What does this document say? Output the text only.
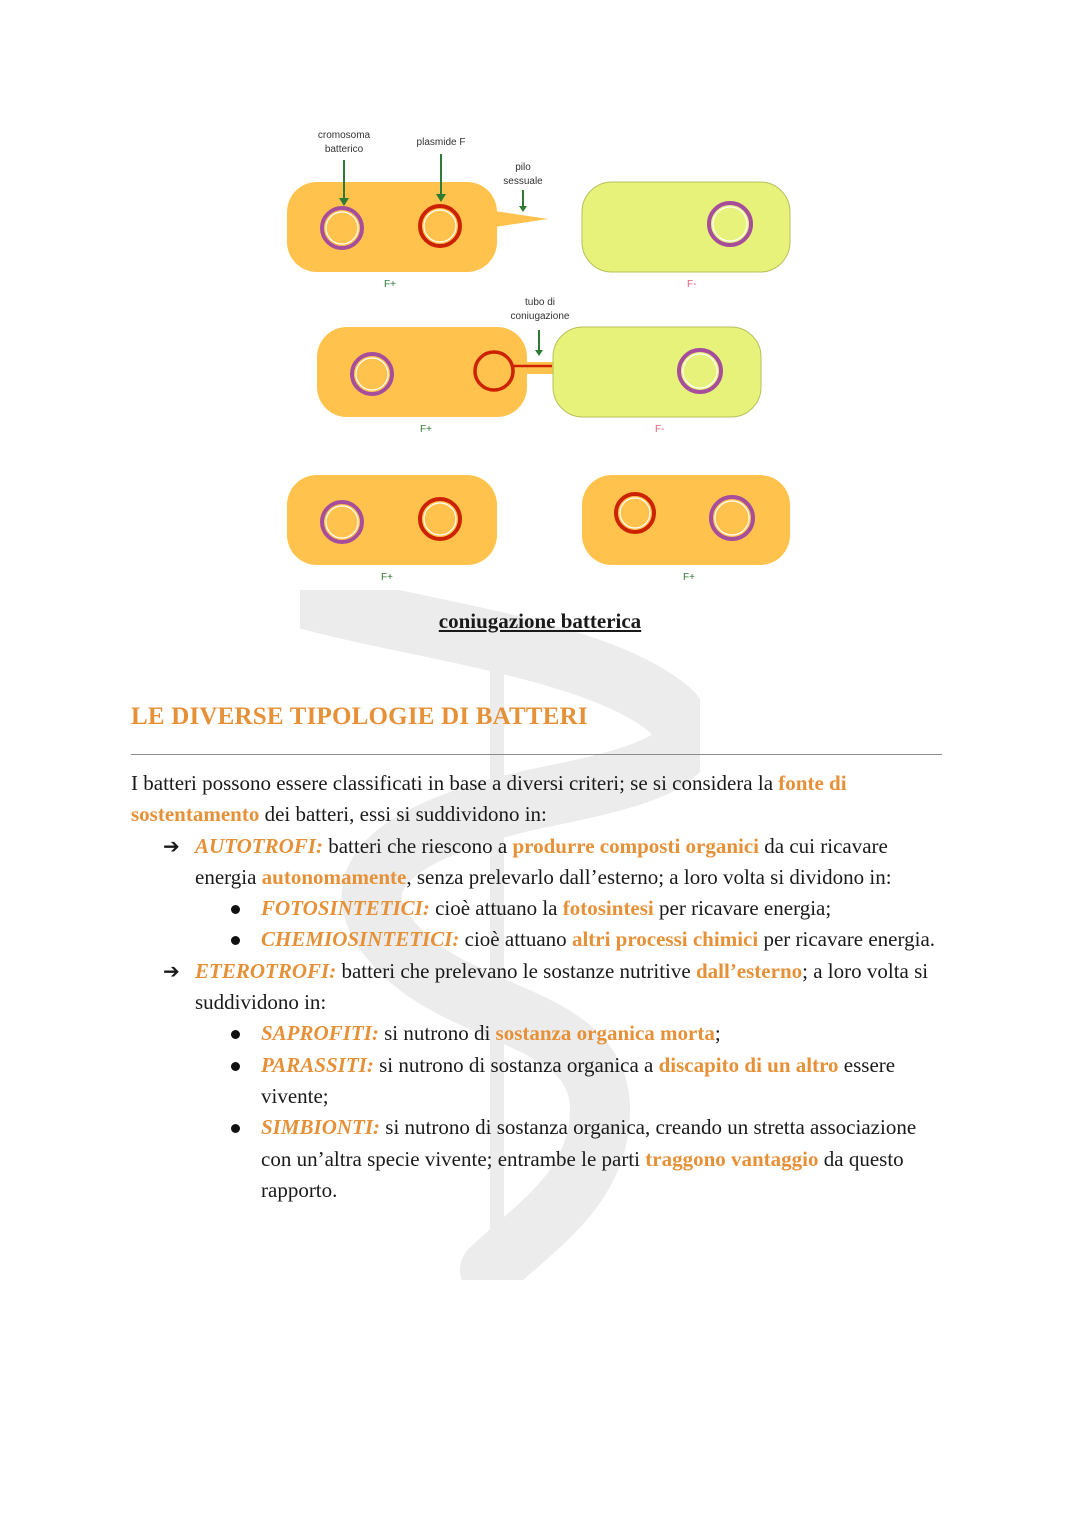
cromosoma
batterico
plasmide F
pilo
sessuale
F+	F-
tubo di
coniugazione
F+	F-
F+	F+
coniugazione batterica
LE DIVERSE TIPOLOGIE DI BATTERI

I batteri possono essere classificati in base a diversi criteri; se si considera la fonte di sostentamento dei batteri, essi si suddividono in:

➔ AUTOTROFI: batteri che riescono a produrre composti organici da cui ricavare energia autonomamente, senza prelevarlo dall’esterno; a loro volta si dividono in:
FOTOSINTETICI: cioè attuano la fotosintesi per ricavare energia;
CHEMIOSINTETICI: cioè attuano altri processi chimici per ricavare energia.
➔ ETEROTROFI: batteri che prelevano le sostanze nutritive dall’esterno; a loro volta si suddividono in:
SAPROFITI: si nutrono di sostanza organica morta;
PARASSITI: si nutrono di sostanza organica a discapito di un altro essere vivente;
SIMBIONTI: si nutrono di sostanza organica, creando un stretta associazione con un’altra specie vivente; entrambe le parti traggono vantaggio da questo rapporto.
